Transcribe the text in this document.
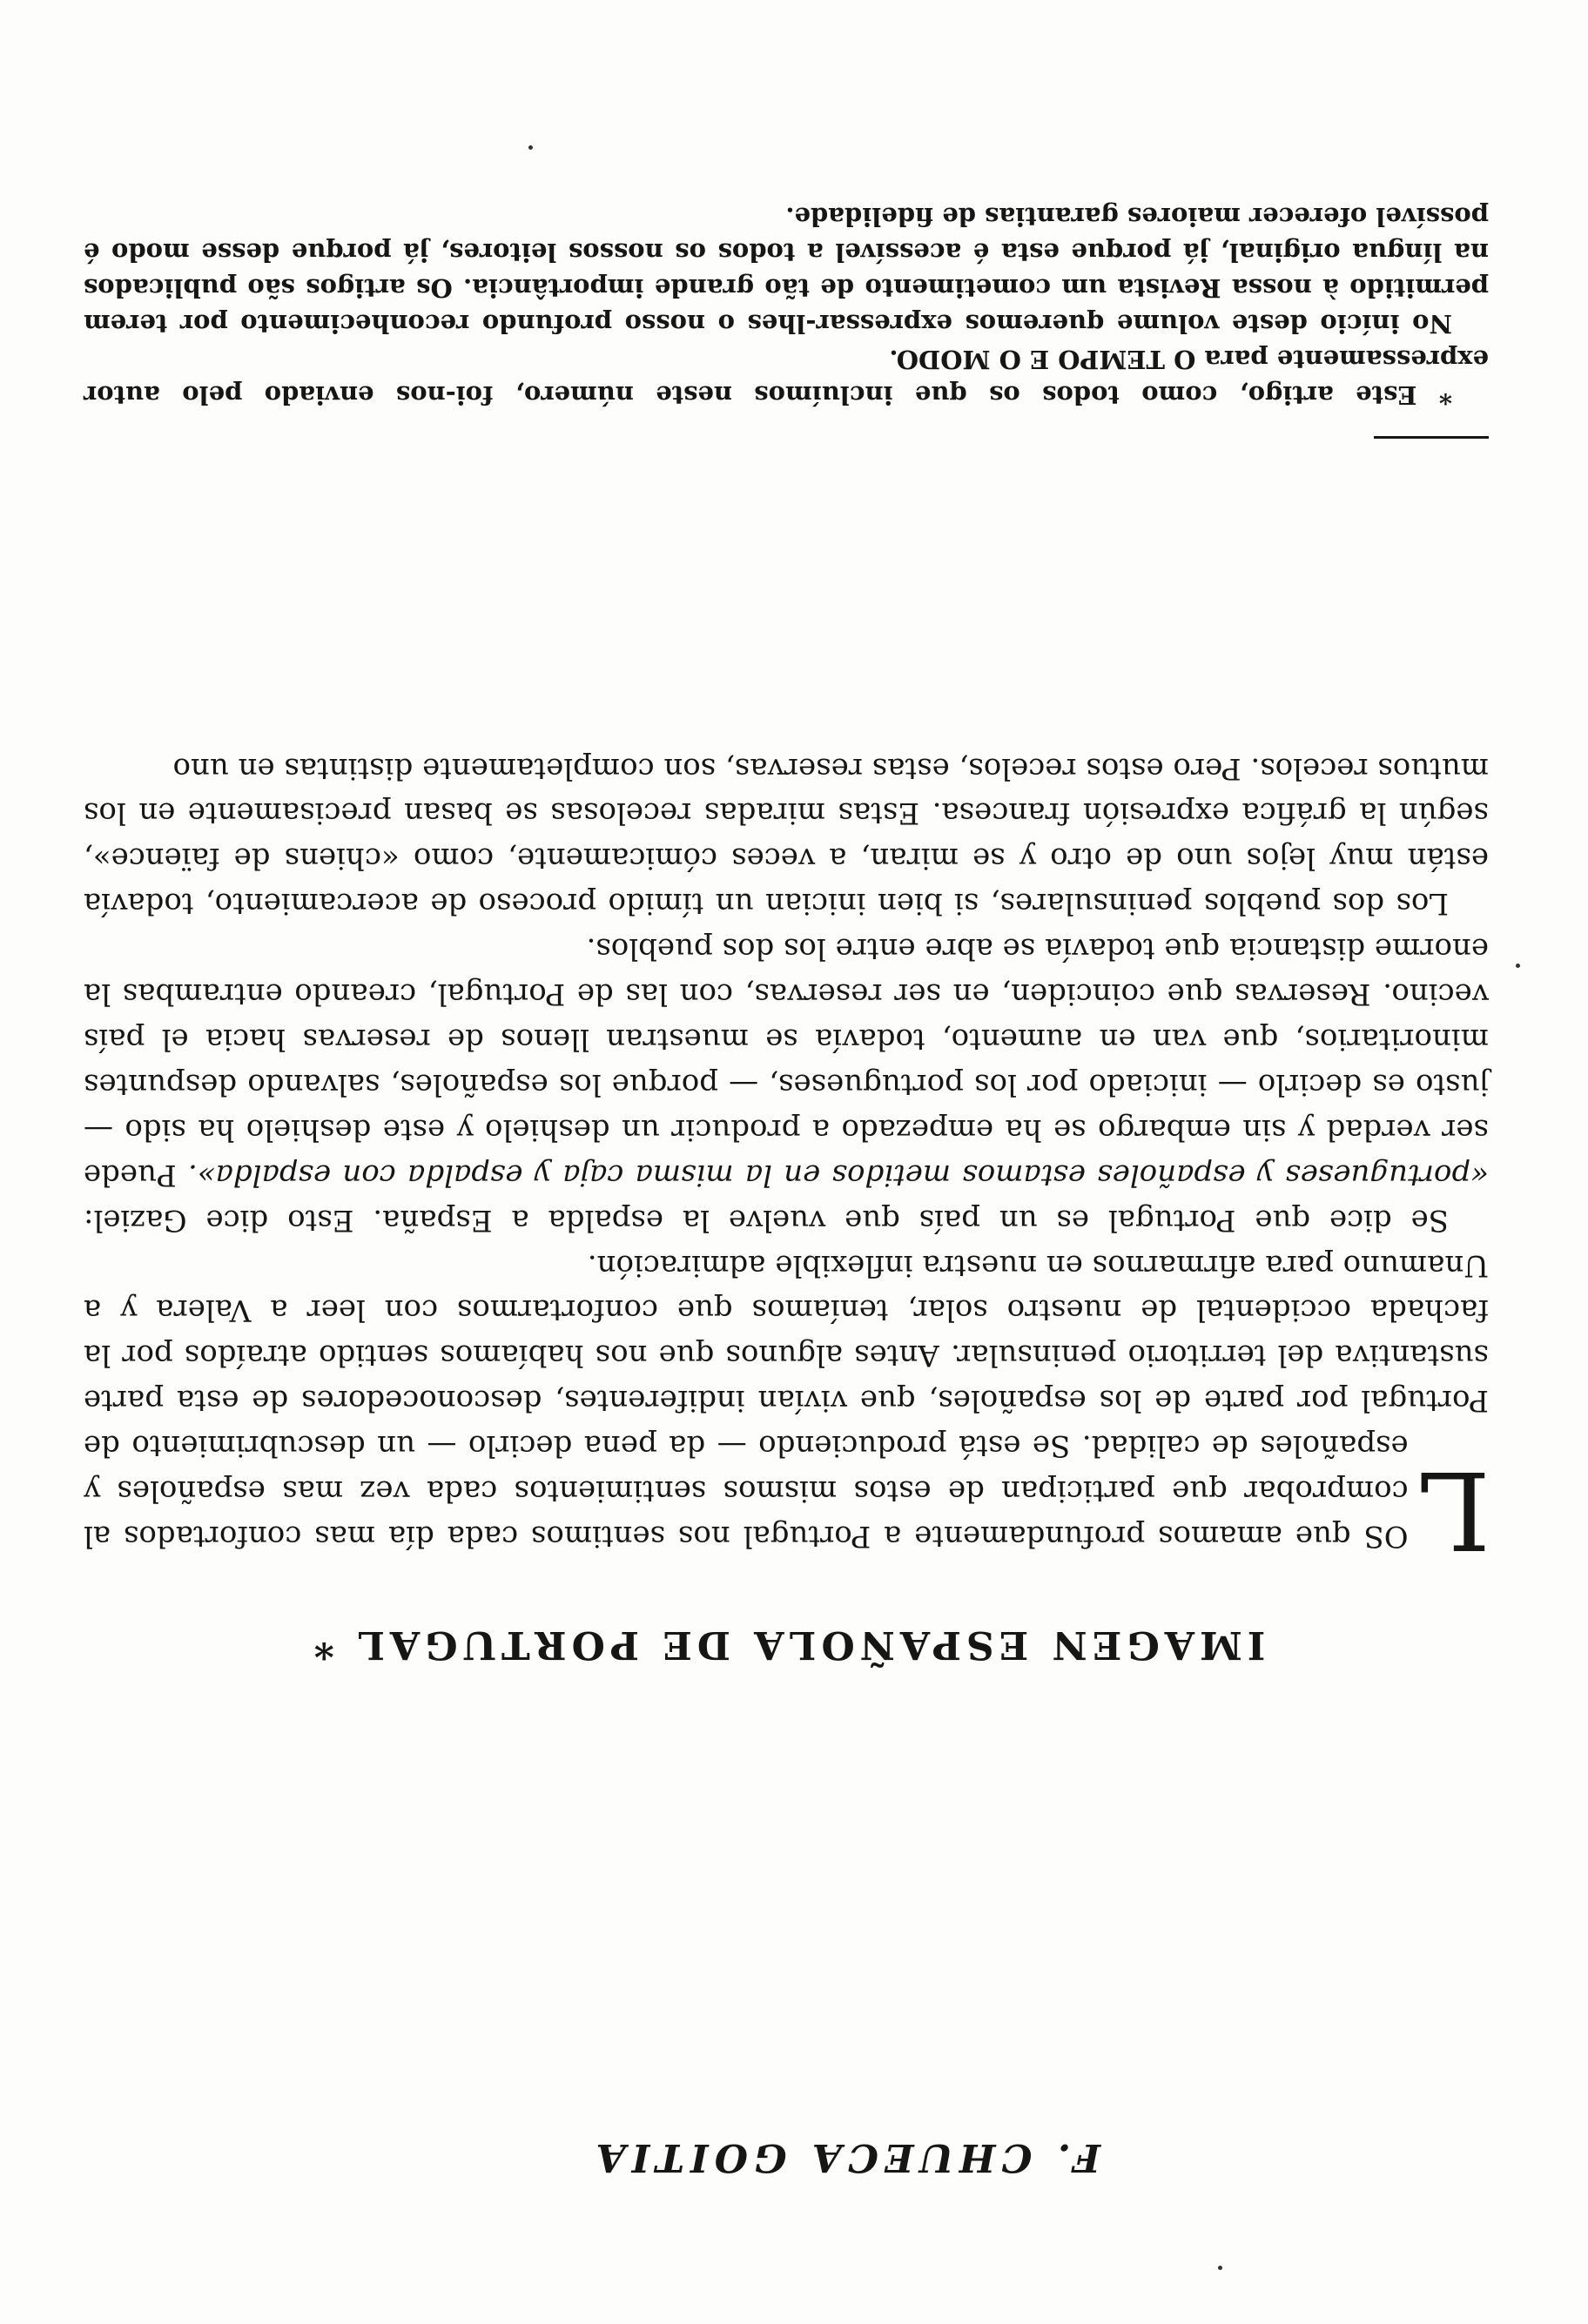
F. CHUECA GOITIA
IMAGEN ESPAÑOLA DE PORTUGAL *

L
OS que amamos profundamente a Portugal nos sentimos cada día mas confortados al comprobar que participan de estos mismos sentimientos cada vez mas españoles y españoles de calidad. Se está produciendo — da pena decirlo — un descubrimiento de Portugal por parte de los españoles, que vivían indiferentes, desconocedores de esta parte sustantiva del territorio peninsular. Antes algunos que nos habíamos sentido atraídos por la fachada occidental de nuestro solar, teníamos que confortarmos con leer a Valera y a Unamuno para afirmarnos en nuestra inflexible admiración.

Se dice que Portugal es un país que vuelve la espalda a España. Esto dice Gaziel: «portugueses y españoles estamos metidos en la misma caja y espalda con espalda». Puede ser verdad y sin embargo se ha empezado a producir un deshielo y este deshielo ha sido — justo es decirlo — iniciado por los portugueses, — porque los españoles, salvando despuntes minoritarios, que van en aumento, todavía se muestran llenos de reservas hacia el país vecino. Reservas que coinciden, en ser reservas, con las de Portugal, creando entrambas la enorme distancia que todavía se abre entre los dos pueblos.

Los dos pueblos peninsulares, si bien inician un tímido proceso de acercamiento, todavía están muy lejos uno de otro y se miran, a veces cómicamente, como «chiens de faïence», según la gráfica expresión francesa. Estas miradas recelosas se basan precisamente en los mutuos recelos. Pero estos recelos, estas reservas, son completamente distintas en uno

* Este artigo, como todos os que incluímos neste número, foi-nos enviado pelo autor expressamente para O TEMPO E O MODO.

No início deste volume queremos expressar-lhes o nosso profundo reconhecimento por terem permitido à nossa Revista um cometimento de tão grande importância. Os artigos são publicados na língua original, já porque esta é acessível a todos os nossos leitores, já porque desse modo é possível oferecer maiores garantias de fidelidade.
